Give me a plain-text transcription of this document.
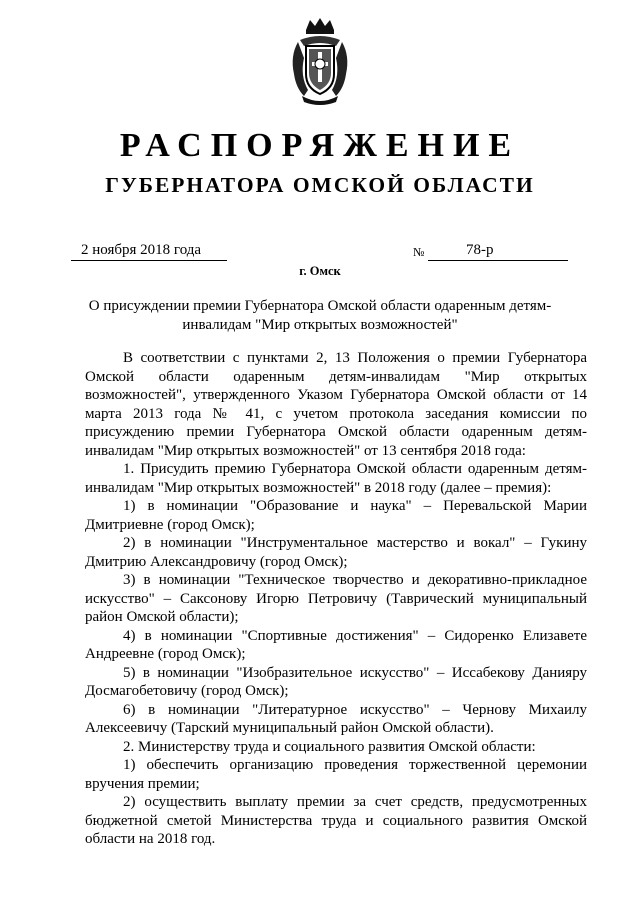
РАСПОРЯЖЕНИЕ
ГУБЕРНАТОРА ОМСКОЙ ОБЛАСТИ
2 ноября 2018 года	№	78-р
г. Омск
О присуждении премии Губернатора Омской области одаренным детям-инвалидам "Мир открытых возможностей"

В соответствии с пунктами 2, 13 Положения о премии Губернатора Омской области одаренным детям-инвалидам "Мир открытых возможностей", утвержденного Указом Губернатора Омской области от 14 марта 2013 года № 41, с учетом протокола заседания комиссии по присуждению премии Губернатора Омской области одаренным детям-инвалидам "Мир открытых возможностей" от 13 сентября 2018 года:

1. Присудить премию Губернатора Омской области одаренным детям-инвалидам "Мир открытых возможностей" в 2018 году (далее – премия):

1) в номинации "Образование и наука" – Перевальской Марии Дмитриевне (город Омск);

2) в номинации "Инструментальное мастерство и вокал" – Гукину Дмитрию Александровичу (город Омск);

3) в номинации "Техническое творчество и декоративно-прикладное искусство" – Саксонову Игорю Петровичу (Таврический муниципальный район Омской области);

4) в номинации "Спортивные достижения" – Сидоренко Елизавете Андреевне (город Омск);

5) в номинации "Изобразительное искусство" – Иссабекову Данияру Досмагобетовичу (город Омск);

6) в номинации "Литературное искусство" – Чернову Михаилу Алексеевичу (Тарский муниципальный район Омской области).

2. Министерству труда и социального развития Омской области:

1) обеспечить организацию проведения торжественной церемонии вручения премии;

2) осуществить выплату премии за счет средств, предусмотренных бюджетной сметой Министерства труда и социального развития Омской области на 2018 год.
